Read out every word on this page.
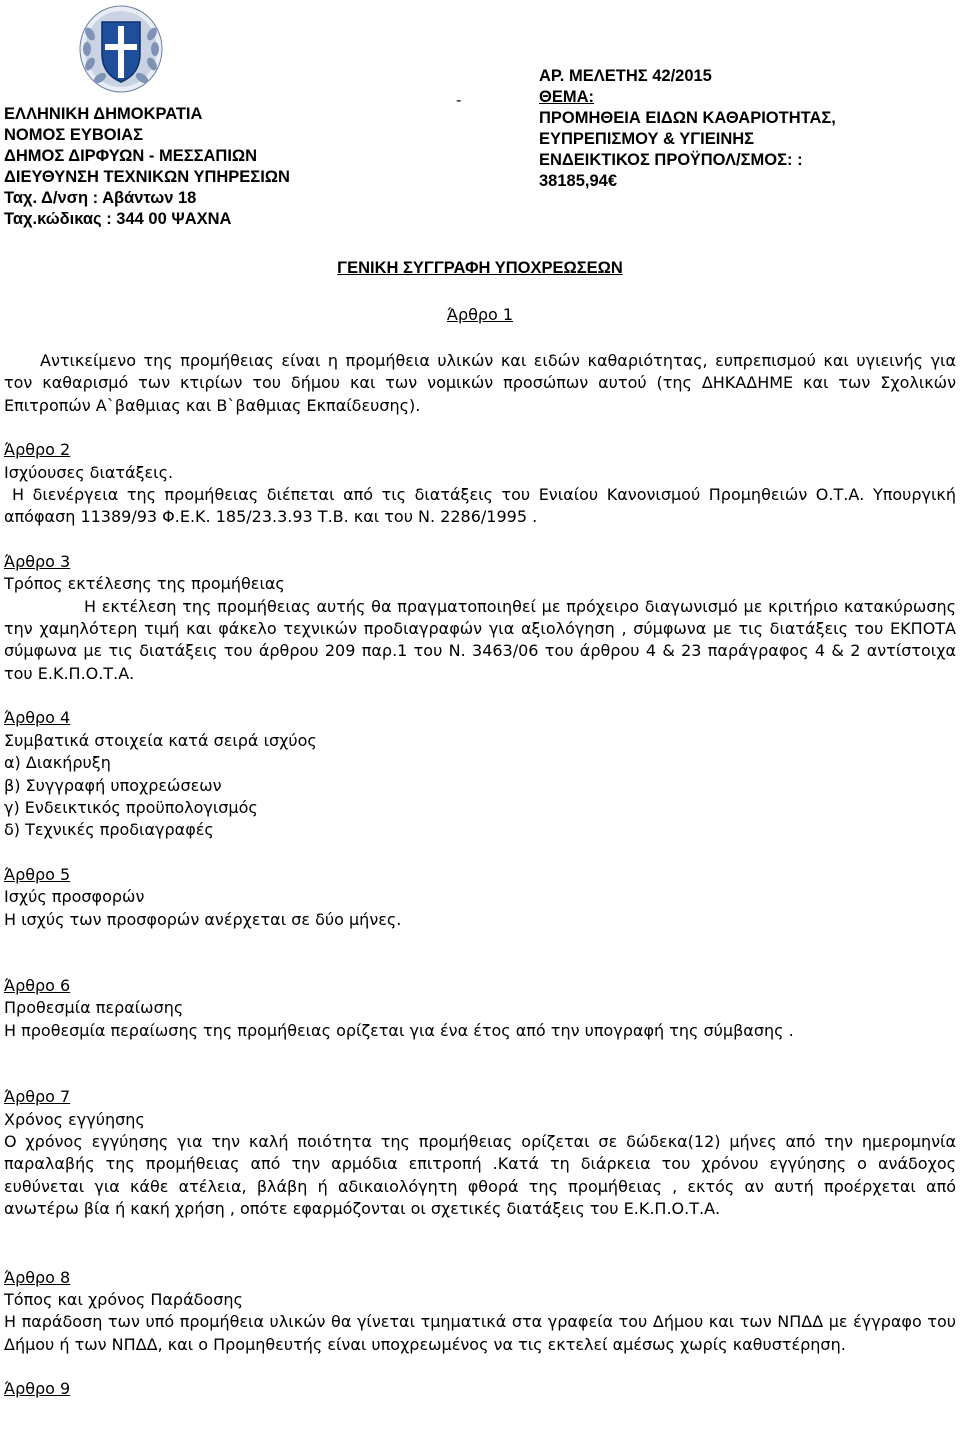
ΕΛΛΗΝΙΚΗ ΔΗΜΟΚΡΑΤΙΑ
ΝΟΜΟΣ ΕΥΒΟΙΑΣ
ΔΗΜΟΣ ΔΙΡΦΥΩΝ - ΜΕΣΣΑΠΙΩΝ
ΔΙΕΥΘΥΝΣΗ ΤΕΧΝΙΚΩΝ ΥΠΗΡΕΣΙΩΝ
Ταχ. Δ/νση : Αβάντων 18
Ταχ.κώδικας : 344 00 ΨΑΧΝΑ
-
ΑΡ. ΜΕΛΕΤΗΣ 42/2015
ΘΕΜΑ:
ΠΡΟΜΗΘΕΙΑ ΕΙΔΩΝ ΚΑΘΑΡΙΟΤΗΤΑΣ,
ΕΥΠΡΕΠΙΣΜΟΥ & ΥΓΙΕΙΝΗΣ
ΕΝΔΕΙΚΤΙΚΟΣ ΠΡΟΫΠΟΛ/ΣΜΟΣ: :
38185,94€
ΓΕΝΙΚΗ ΣΥΓΓΡΑΦΗ ΥΠΟΧΡΕΩΣΕΩΝ
Άρθρο 1
Αντικείμενο της προμήθειας είναι η προμήθεια υλικών και ειδών καθαριότητας, ευπρεπισμού και υγιεινής για τον καθαρισμό των κτιρίων του δήμου και των νομικών προσώπων αυτού (της ΔΗΚΑΔΗΜΕ και των Σχολικών Επιτροπών Α`βαθμιας και Β`βαθμιας Εκπαίδευσης).
Άρθρο 2
Ισχύουσες διατάξεις.
Η διενέργεια της προμήθειας διέπεται από τις διατάξεις του Ενιαίου Κανονισμού Προμηθειών Ο.Τ.Α. Υπουργική απόφαση 11389/93 Φ.Ε.Κ. 185/23.3.93 Τ.Β. και του Ν. 2286/1995 .
Άρθρο 3
Τρόπος εκτέλεσης της προμήθειας
Η εκτέλεση της προμήθειας αυτής θα πραγματοποιηθεί με πρόχειρο διαγωνισμό με κριτήριο κατακύρωσης την χαμηλότερη τιμή και φάκελο τεχνικών προδιαγραφών για αξιολόγηση , σύμφωνα με τις διατάξεις του ΕΚΠΟΤΑ σύμφωνα με τις διατάξεις του άρθρου 209 παρ.1 του Ν. 3463/06 του άρθρου 4 & 23 παράγραφος 4 & 2 αντίστοιχα του Ε.Κ.Π.Ο.Τ.Α.
Άρθρο 4
Συμβατικά στοιχεία κατά σειρά ισχύος
α) Διακήρυξη
β) Συγγραφή υποχρεώσεων
γ) Ενδεικτικός προϋπολογισμός
δ) Τεχνικές προδιαγραφές
Άρθρο 5
Ισχύς προσφορών
Η ισχύς των προσφορών ανέρχεται σε δύο μήνες.
Άρθρο 6
Προθεσμία περαίωσης
Η προθεσμία περαίωσης της προμήθειας ορίζεται για ένα έτος από την υπογραφή της σύμβασης .
Άρθρο 7
Χρόνος εγγύησης
Ο χρόνος εγγύησης για την καλή ποιότητα της προμήθειας ορίζεται σε δώδεκα(12) μήνες από την ημερομηνία παραλαβής της προμήθειας από την αρμόδια επιτροπή .Κατά τη διάρκεια του χρόνου εγγύησης ο ανάδοχος ευθύνεται για κάθε ατέλεια, βλάβη ή αδικαιολόγητη φθορά της προμήθειας , εκτός αν αυτή προέρχεται από ανωτέρω βία ή κακή χρήση , οπότε εφαρμόζονται οι σχετικές διατάξεις του Ε.Κ.Π.Ο.Τ.Α.
Άρθρο 8
Τόπος και χρόνος Παράδοσης
Η παράδοση των υπό προμήθεια υλικών θα γίνεται τμηματικά στα γραφεία του Δήμου και των ΝΠΔΔ με έγγραφο του Δήμου ή των ΝΠΔΔ, και ο Προμηθευτής είναι υποχρεωμένος να τις εκτελεί αμέσως χωρίς καθυστέρηση.
Άρθρο 9
